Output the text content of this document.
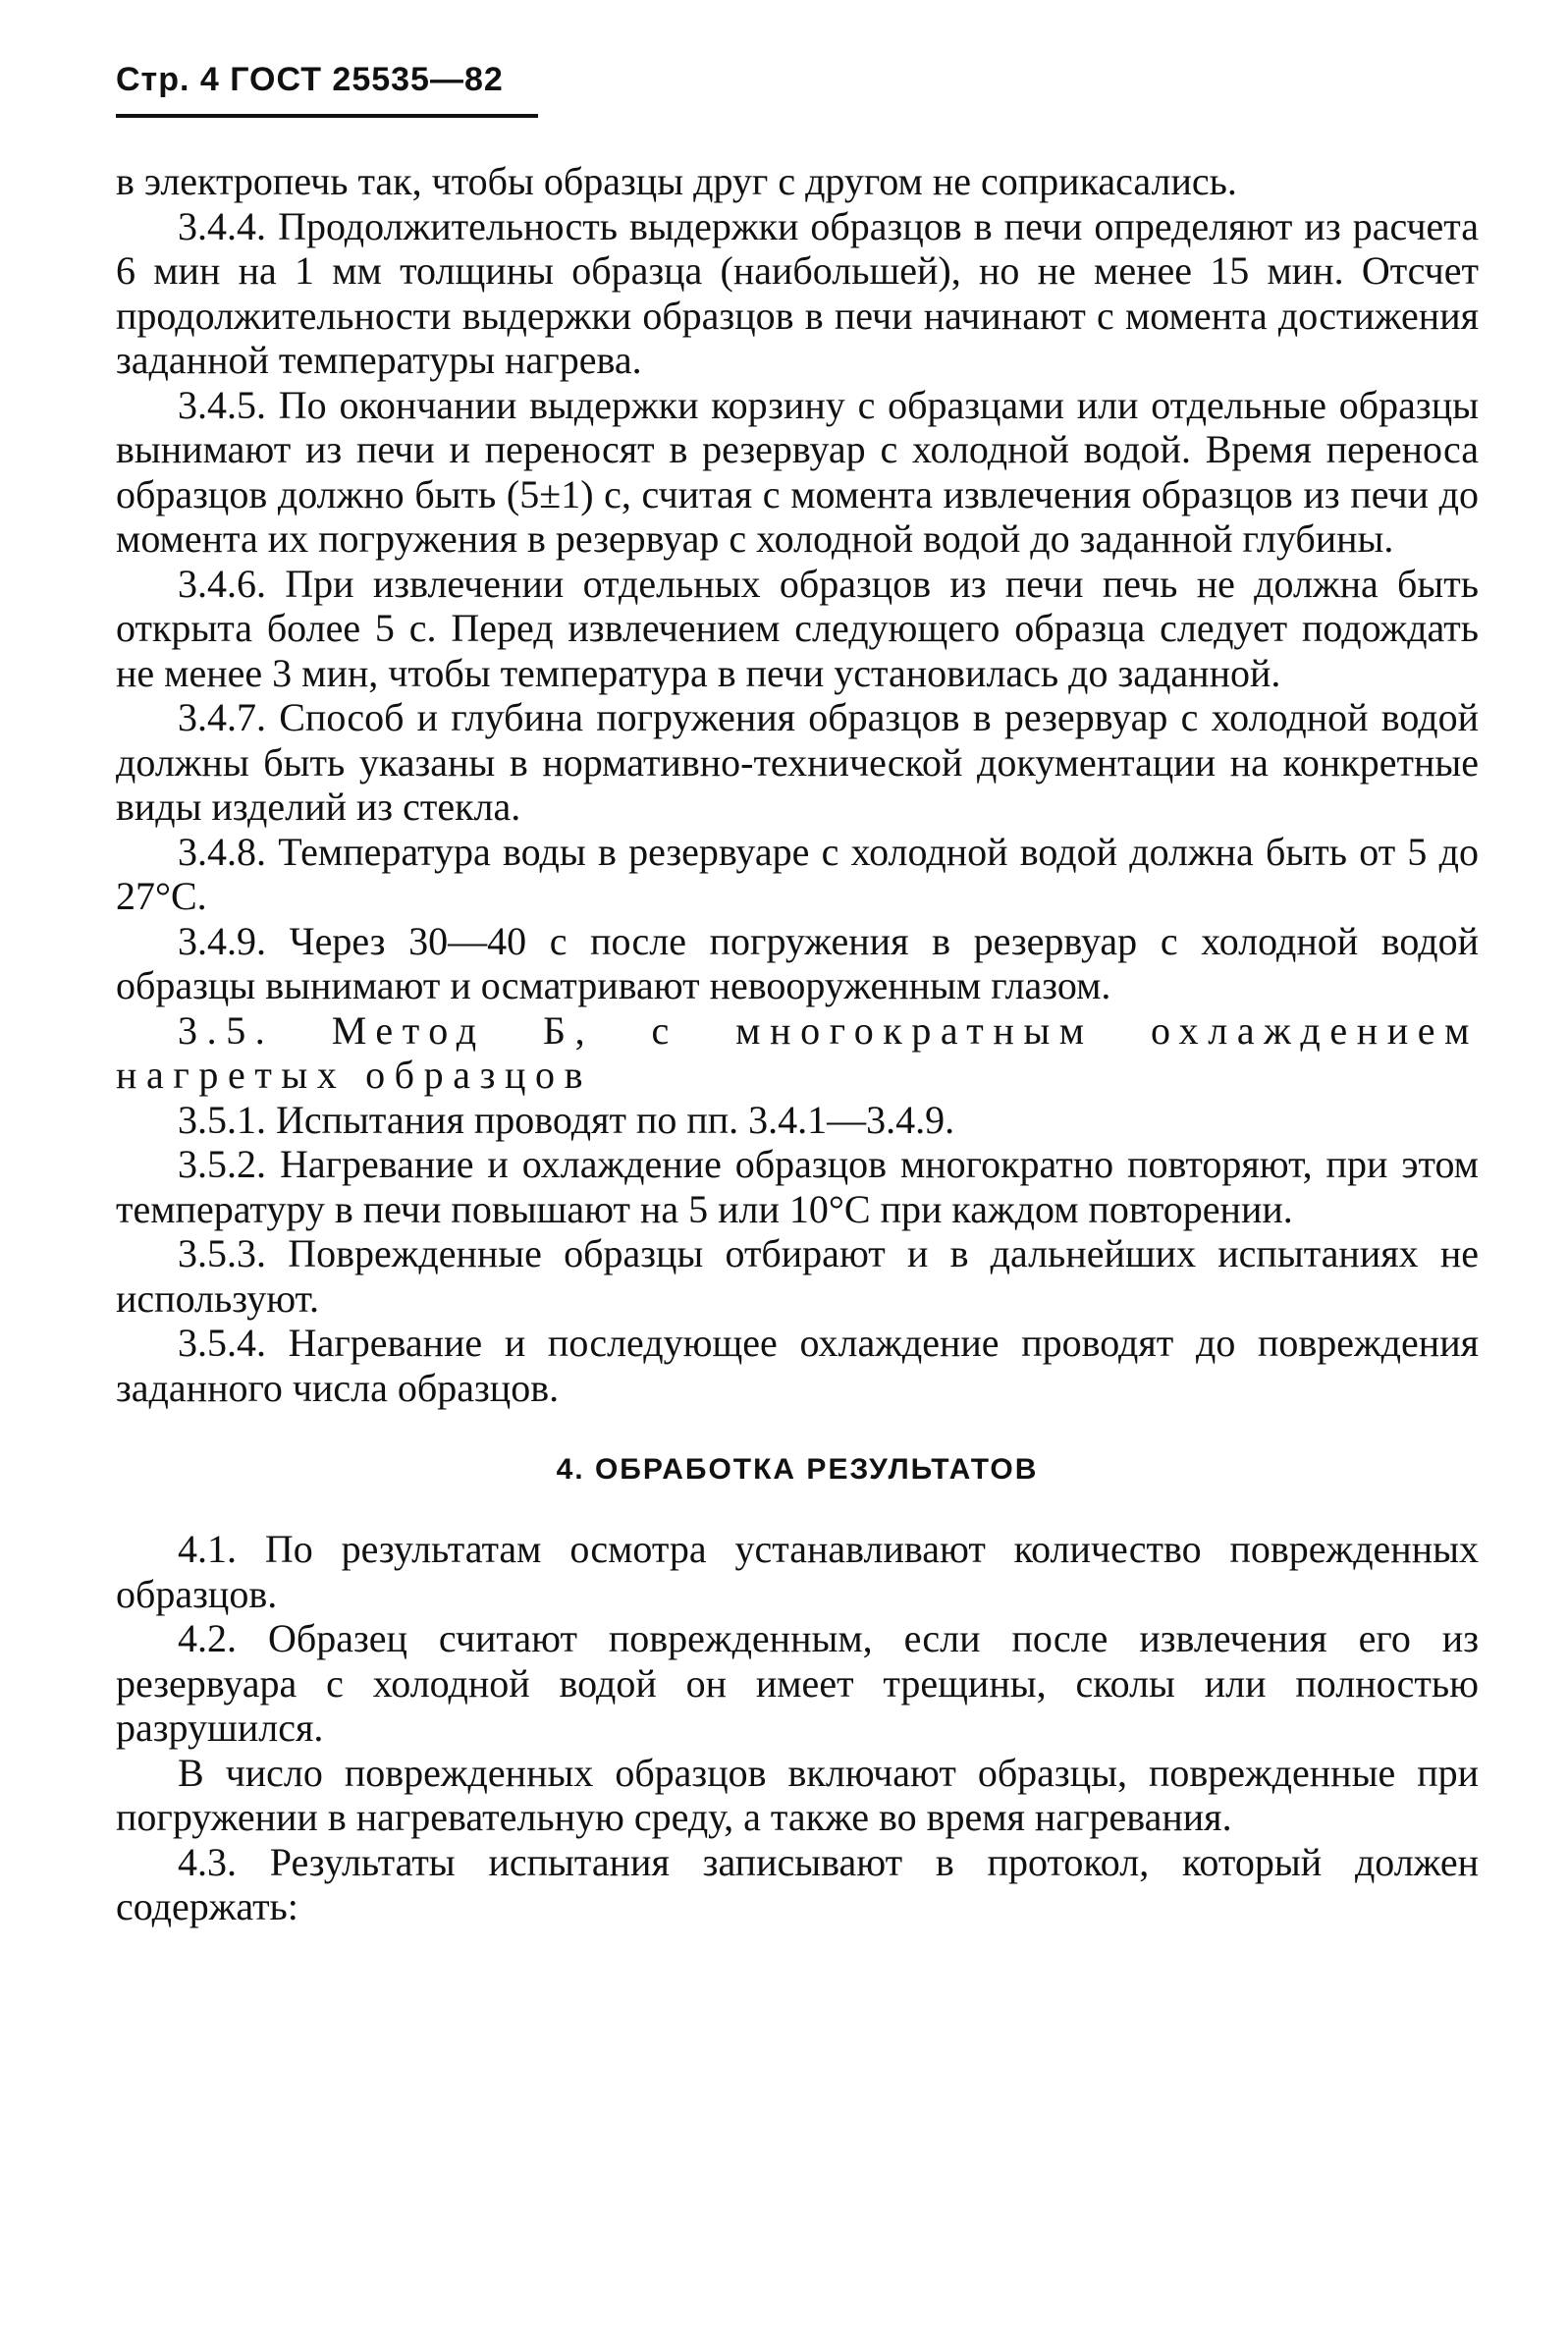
Стр. 4 ГОСТ 25535—82

в электропечь так, чтобы образцы друг с другом не соприкасались.

3.4.4. Продолжительность выдержки образцов в печи определяют из расчета 6 мин на 1 мм толщины образца (наибольшей), но не менее 15 мин. Отсчет продолжительности выдержки образцов в печи начинают с момента достижения заданной температуры нагрева.

3.4.5. По окончании выдержки корзину с образцами или отдельные образцы вынимают из печи и переносят в резервуар с холодной водой. Время переноса образцов должно быть (5±1) с, считая с момента извлечения образцов из печи до момента их погружения в резервуар с холодной водой до заданной глубины.

3.4.6. При извлечении отдельных образцов из печи печь не должна быть открыта более 5 с. Перед извлечением следующего образца следует подождать не менее 3 мин, чтобы температура в печи установилась до заданной.

3.4.7. Способ и глубина погружения образцов в резервуар с холодной водой должны быть указаны в нормативно-технической документации на конкретные виды изделий из стекла.

3.4.8. Температура воды в резервуаре с холодной водой должна быть от 5 до 27°С.

3.4.9. Через 30—40 с после погружения в резервуар с холодной водой образцы вынимают и осматривают невооруженным глазом.

3.5. Метод Б, с многократным охлаждением нагретых образцов

3.5.1. Испытания проводят по пп. 3.4.1—3.4.9.

3.5.2. Нагревание и охлаждение образцов многократно повторяют, при этом температуру в печи повышают на 5 или 10°С при каждом повторении.

3.5.3. Поврежденные образцы отбирают и в дальнейших испытаниях не используют.

3.5.4. Нагревание и последующее охлаждение проводят до повреждения заданного числа образцов.

4. ОБРАБОТКА РЕЗУЛЬТАТОВ

4.1. По результатам осмотра устанавливают количество поврежденных образцов.

4.2. Образец считают поврежденным, если после извлечения его из резервуара с холодной водой он имеет трещины, сколы или полностью разрушился.

В число поврежденных образцов включают образцы, поврежденные при погружении в нагревательную среду, а также во время нагревания.

4.3. Результаты испытания записывают в протокол, который должен содержать:
